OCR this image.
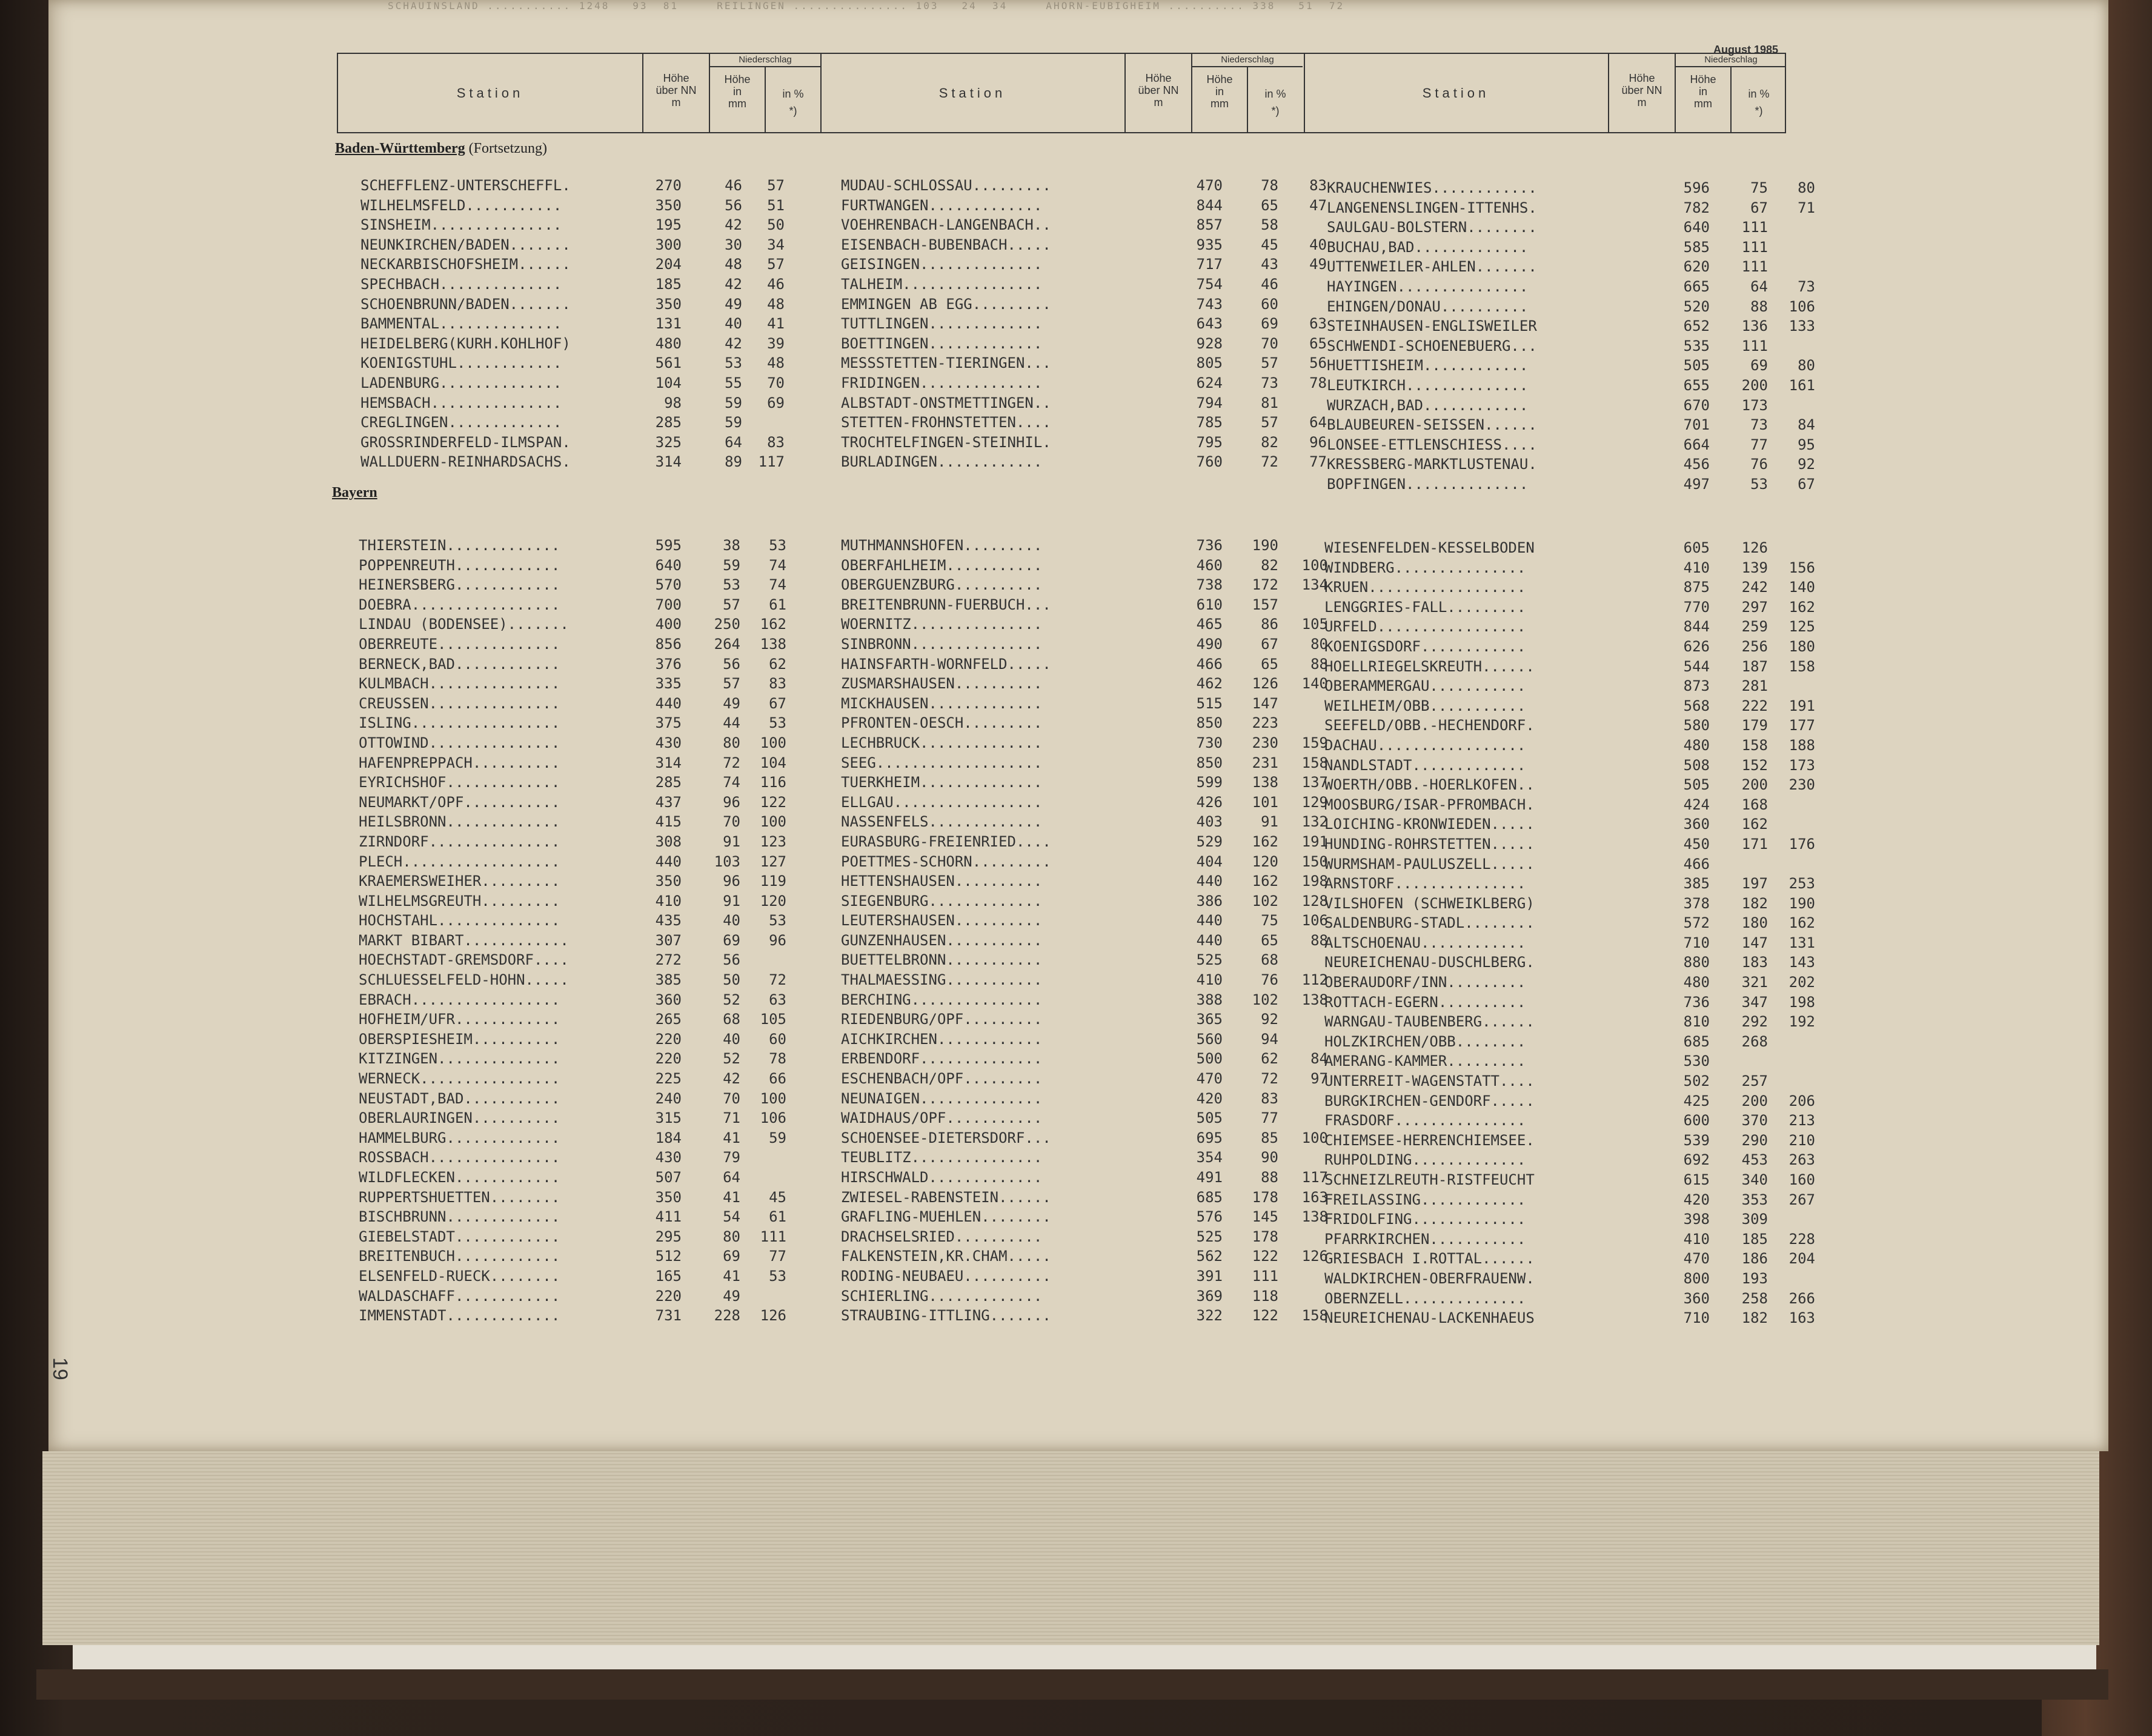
SCHAUINSLAND ........... 1248   93  81     REILINGEN ............... 103   24  34     AHORN-EUBIGHEIM .......... 338   51  72
August 1985
Station
Höhe
über NN
m
Niederschlag
Höhe
in
mm
in %
*)
Station
Höhe
über NN
m
Niederschlag
Höhe
in
mm
in %
*)
Station
Höhe
über NN
m
Niederschlag
Höhe
in
mm
in %
*)
Baden-Württemberg (Fortsetzung)
Bayern
SCHEFFLENZ-UNTERSCHEFFL.	270	46	57
WILHELMSFELD...........	350	56	51
SINSHEIM...............	195	42	50
NEUNKIRCHEN/BADEN.......	300	30	34
NECKARBISCHOFSHEIM......	204	48	57
SPECHBACH..............	185	42	46
SCHOENBRUNN/BADEN.......	350	49	48
BAMMENTAL..............	131	40	41
HEIDELBERG(KURH.KOHLHOF)	480	42	39
KOENIGSTUHL............	561	53	48
LADENBURG..............	104	55	70
HEMSBACH...............	98	59	69
CREGLINGEN.............	285	59
GROSSRINDERFELD-ILMSPAN.	325	64	83
WALLDUERN-REINHARDSACHS.	314	89	117
MUDAU-SCHLOSSAU.........	470	78	83
FURTWANGEN.............	844	65	47
VOEHRENBACH-LANGENBACH..	857	58
EISENBACH-BUBENBACH.....	935	45	40
GEISINGEN..............	717	43	49
TALHEIM................	754	46
EMMINGEN AB EGG.........	743	60
TUTTLINGEN.............	643	69	63
BOETTINGEN.............	928	70	65
MESSSTETTEN-TIERINGEN...	805	57	56
FRIDINGEN..............	624	73	78
ALBSTADT-ONSTMETTINGEN..	794	81
STETTEN-FROHNSTETTEN....	785	57	64
TROCHTELFINGEN-STEINHIL.	795	82	96
BURLADINGEN............	760	72	77
KRAUCHENWIES............	596	75	80
LANGENENSLINGEN-ITTENHS.	782	67	71
SAULGAU-BOLSTERN........	640	111
BUCHAU,BAD.............	585	111
UTTENWEILER-AHLEN.......	620	111
HAYINGEN...............	665	64	73
EHINGEN/DONAU..........	520	88	106
STEINHAUSEN-ENGLISWEILER	652	136	133
SCHWENDI-SCHOENEBUERG...	535	111
HUETTISHEIM............	505	69	80
LEUTKIRCH..............	655	200	161
WURZACH,BAD............	670	173
BLAUBEUREN-SEISSEN......	701	73	84
LONSEE-ETTLENSCHIESS....	664	77	95
KRESSBERG-MARKTLUSTENAU.	456	76	92
BOPFINGEN..............	497	53	67
THIERSTEIN.............	595	38	53
POPPENREUTH............	640	59	74
HEINERSBERG............	570	53	74
DOEBRA.................	700	57	61
LINDAU (BODENSEE).......	400	250	162
OBERREUTE..............	856	264	138
BERNECK,BAD............	376	56	62
KULMBACH...............	335	57	83
CREUSSEN...............	440	49	67
ISLING.................	375	44	53
OTTOWIND...............	430	80	100
HAFENPREPPACH..........	314	72	104
EYRICHSHOF.............	285	74	116
NEUMARKT/OPF...........	437	96	122
HEILSBRONN.............	415	70	100
ZIRNDORF...............	308	91	123
PLECH..................	440	103	127
KRAEMERSWEIHER.........	350	96	119
WILHELMSGREUTH.........	410	91	120
HOCHSTAHL..............	435	40	53
MARKT BIBART............	307	69	96
HOECHSTADT-GREMSDORF....	272	56
SCHLUESSELFELD-HOHN.....	385	50	72
EBRACH.................	360	52	63
HOFHEIM/UFR............	265	68	105
OBERSPIESHEIM..........	220	40	60
KITZINGEN..............	220	52	78
WERNECK................	225	42	66
NEUSTADT,BAD...........	240	70	100
OBERLAURINGEN..........	315	71	106
HAMMELBURG.............	184	41	59
ROSSBACH...............	430	79
WILDFLECKEN............	507	64
RUPPERTSHUETTEN........	350	41	45
BISCHBRUNN.............	411	54	61
GIEBELSTADT............	295	80	111
BREITENBUCH............	512	69	77
ELSENFELD-RUECK........	165	41	53
WALDASCHAFF............	220	49
IMMENSTADT.............	731	228	126
MUTHMANNSHOFEN.........	736	190
OBERFAHLHEIM...........	460	82	100
OBERGUENZBURG..........	738	172	134
BREITENBRUNN-FUERBUCH...	610	157
WOERNITZ...............	465	86	105
SINBRONN...............	490	67	80
HAINSFARTH-WORNFELD.....	466	65	88
ZUSMARSHAUSEN..........	462	126	140
MICKHAUSEN.............	515	147
PFRONTEN-OESCH.........	850	223
LECHBRUCK..............	730	230	159
SEEG...................	850	231	158
TUERKHEIM..............	599	138	137
ELLGAU.................	426	101	129
NASSENFELS.............	403	91	132
EURASBURG-FREIENRIED....	529	162	191
POETTMES-SCHORN.........	404	120	150
HETTENSHAUSEN..........	440	162	198
SIEGENBURG.............	386	102	128
LEUTERSHAUSEN..........	440	75	106
GUNZENHAUSEN...........	440	65	88
BUETTELBRONN...........	525	68
THALMAESSING...........	410	76	112
BERCHING...............	388	102	138
RIEDENBURG/OPF.........	365	92
AICHKIRCHEN............	560	94
ERBENDORF..............	500	62	84
ESCHENBACH/OPF.........	470	72	97
NEUNAIGEN..............	420	83
WAIDHAUS/OPF...........	505	77
SCHOENSEE-DIETERSDORF...	695	85	100
TEUBLITZ...............	354	90
HIRSCHWALD.............	491	88	117
ZWIESEL-RABENSTEIN......	685	178	163
GRAFLING-MUEHLEN........	576	145	138
DRACHSELSRIED..........	525	178
FALKENSTEIN,KR.CHAM.....	562	122	126
RODING-NEUBAEU..........	391	111
SCHIERLING.............	369	118
STRAUBING-ITTLING.......	322	122	158
WIESENFELDEN-KESSELBODEN	605	126
WINDBERG...............	410	139	156
KRUEN..................	875	242	140
LENGGRIES-FALL.........	770	297	162
URFELD.................	844	259	125
KOENIGSDORF............	626	256	180
HOELLRIEGELSKREUTH......	544	187	158
OBERAMMERGAU...........	873	281
WEILHEIM/OBB...........	568	222	191
SEEFELD/OBB.-HECHENDORF.	580	179	177
DACHAU.................	480	158	188
NANDLSTADT.............	508	152	173
WOERTH/OBB.-HOERLKOFEN..	505	200	230
MOOSBURG/ISAR-PFROMBACH.	424	168
LOICHING-KRONWIEDEN.....	360	162
HUNDING-ROHRSTETTEN.....	450	171	176
WURMSHAM-PAULUSZELL.....	466
ARNSTORF...............	385	197	253
VILSHOFEN (SCHWEIKLBERG)	378	182	190
SALDENBURG-STADL........	572	180	162
ALTSCHOENAU............	710	147	131
NEUREICHENAU-DUSCHLBERG.	880	183	143
OBERAUDORF/INN.........	480	321	202
ROTTACH-EGERN..........	736	347	198
WARNGAU-TAUBENBERG......	810	292	192
HOLZKIRCHEN/OBB........	685	268
AMERANG-KAMMER.........	530
UNTERREIT-WAGENSTATT....	502	257
BURGKIRCHEN-GENDORF.....	425	200	206
FRASDORF...............	600	370	213
CHIEMSEE-HERRENCHIEMSEE.	539	290	210
RUHPOLDING.............	692	453	263
SCHNEIZLREUTH-RISTFEUCHT	615	340	160
FREILASSING............	420	353	267
FRIDOLFING.............	398	309
PFARRKIRCHEN...........	410	185	228
GRIESBACH I.ROTTAL......	470	186	204
WALDKIRCHEN-OBERFRAUENW.	800	193
OBERNZELL..............	360	258	266
NEUREICHENAU-LACKENHAEUS	710	182	163
19
